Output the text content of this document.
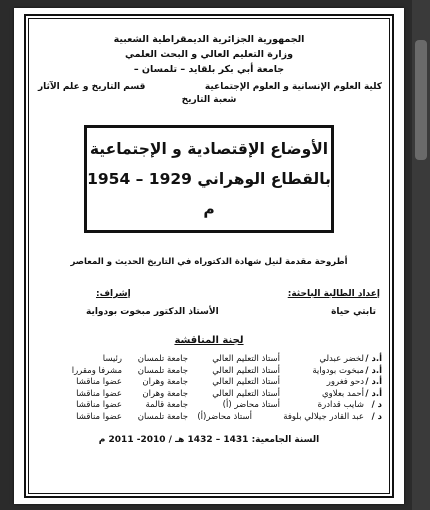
الجمهورية الجزائرية الديمقراطية الشعبية
وزارة التعليم العالي و البحث العلمي
جامعة أبي بكر بلقايد – تلمسان –
كلية العلوم الإنسانية و العلوم الإجتماعية
قسم التاريخ و علم الآثار
شعبة التاريخ
الأوضاع الإقتصادية و الإجتماعية
بالقطاع الوهراني 1929 – 1954 م
أطروحة مقدمة لنيل شهادة الدكتوراه في التاريخ الحديث و المعاصر
إعداد الطالبة الباحثة:
إشراف:
تابتي حياة
الأستاذ الدكتور مبخوت بودواية
لجنة المناقشة
أ.د /
لخضر عبدلي
أستاذ التعليم العالي
جامعة تلمسان
رئيسا
أ.د /
مبخوت بودواية
أستاذ التعليم العالي
جامعة تلمسان
مشرفا ومقررا
أ.د /
دحو فغرور
أستاذ التعليم العالي
جامعة وهران
عضوا مناقشا
أ.د /
أحمد بعلاوي
أستاذ التعليم العالي
جامعة وهران
عضوا مناقشا
د /
شايب قدادرة
أستاذ محاضر (أ)
جامعة قالمة
عضوا مناقشا
د /
عبد القادر جيلالي بلوفة
أستاذ محاضر(أ)
جامعة تلمسان
عضوا مناقشا
السنة الجامعية: 1431 – 1432 هـ / 2010- 2011 م
